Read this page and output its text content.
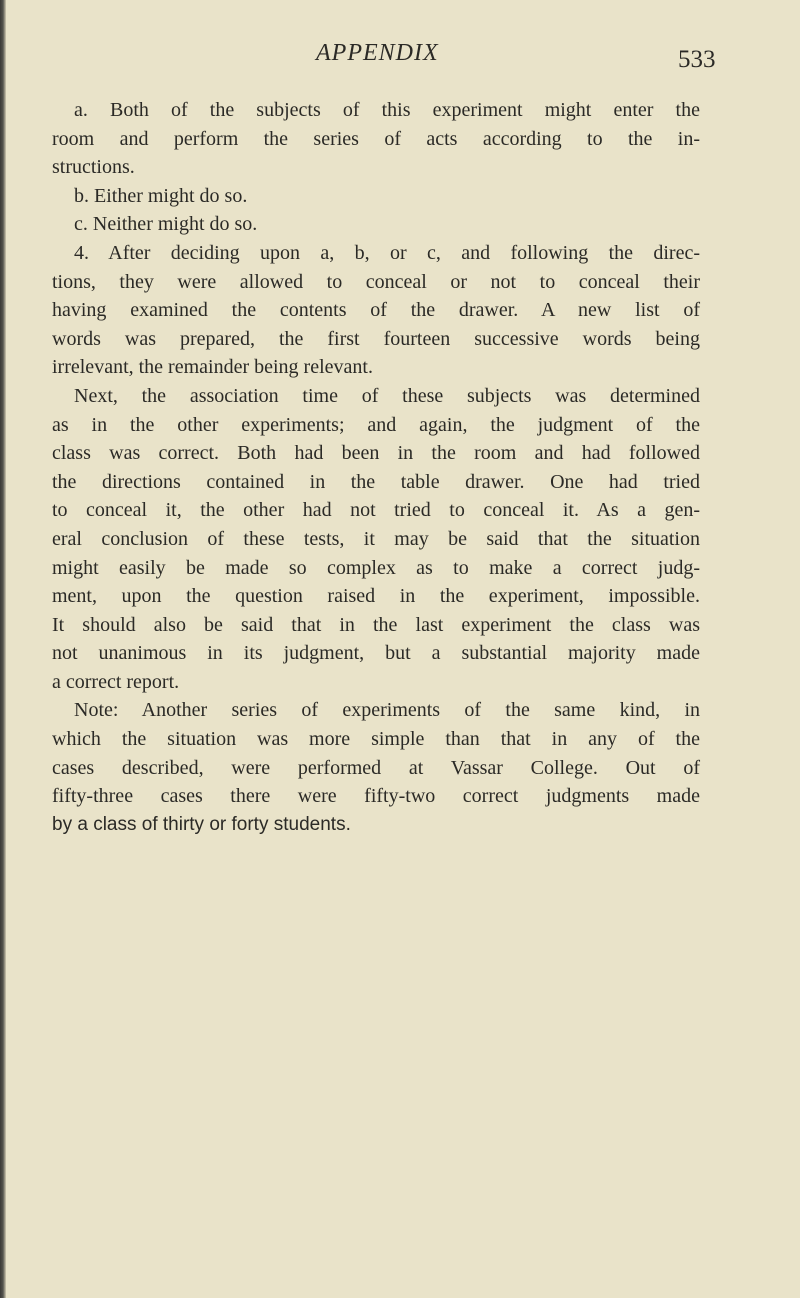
APPENDIX	533
a. Both of the subjects of this experiment might enter the
room and perform the series of acts according to the in-
structions.
b. Either might do so.
c. Neither might do so.
4. After deciding upon a, b, or c, and following the direc-
tions, they were allowed to conceal or not to conceal their
having examined the contents of the drawer. A new list of
words was prepared, the first fourteen successive words being
irrelevant, the remainder being relevant.
Next, the association time of these subjects was determined
as in the other experiments; and again, the judgment of the
class was correct. Both had been in the room and had followed
the directions contained in the table drawer. One had tried
to conceal it, the other had not tried to conceal it. As a gen-
eral conclusion of these tests, it may be said that the situation
might easily be made so complex as to make a correct judg-
ment, upon the question raised in the experiment, impossible.
It should also be said that in the last experiment the class was
not unanimous in its judgment, but a substantial majority made
a correct report.
Note: Another series of experiments of the same kind, in
which the situation was more simple than that in any of the
cases described, were performed at Vassar College. Out of
fifty-three cases there were fifty-two correct judgments made
by a class of thirty or forty students.
